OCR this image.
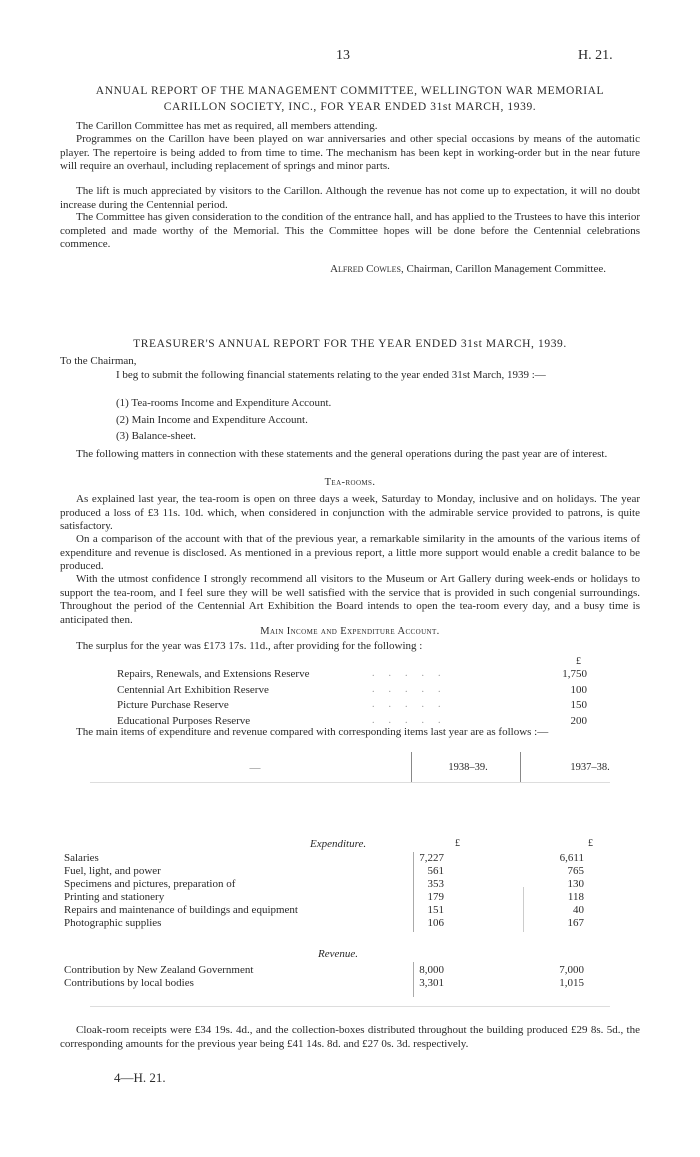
13	H. 21.
ANNUAL REPORT OF THE MANAGEMENT COMMITTEE, WELLINGTON WAR MEMORIAL
CARILLON SOCIETY, INC., FOR YEAR ENDED 31st MARCH, 1939.
The Carillon Committee has met as required, all members attending.
Programmes on the Carillon have been played on war anniversaries and other special occasions by means of the automatic player. The repertoire is being added to from time to time. The mechanism has been kept in working-order but in the near future will require an overhaul, including replacement of springs and minor parts.
The lift is much appreciated by visitors to the Carillon. Although the revenue has not come up to expectation, it will no doubt increase during the Centennial period.
The Committee has given consideration to the condition of the entrance hall, and has applied to the Trustees to have this interior completed and made worthy of the Memorial. This the Committee hopes will be done before the Centennial celebrations commence.
Alfred Cowles, Chairman, Carillon Management Committee.
TREASURER'S ANNUAL REPORT FOR THE YEAR ENDED 31st MARCH, 1939.
To the Chairman,
I beg to submit the following financial statements relating to the year ended 31st March, 1939 :—
(1) Tea-rooms Income and Expenditure Account.
(2) Main Income and Expenditure Account.
(3) Balance-sheet.
The following matters in connection with these statements and the general operations during the past year are of interest.
Tea-rooms.
As explained last year, the tea-room is open on three days a week, Saturday to Monday, inclusive and on holidays. The year produced a loss of £3 11s. 10d. which, when considered in conjunction with the admirable service provided to patrons, is quite satisfactory.
On a comparison of the account with that of the previous year, a remarkable similarity in the amounts of the various items of expenditure and revenue is disclosed. As mentioned in a previous report, a little more support would enable a credit balance to be produced.
With the utmost confidence I strongly recommend all visitors to the Museum or Art Gallery during week-ends or holidays to support the tea-room, and I feel sure they will be well satisfied with the service that is provided in such congenial surroundings. Throughout the period of the Centennial Art Exhibition the Board intends to open the tea-room every day, and a busy time is anticipated then.
Main Income and Expenditure Account.
The surplus for the year was £173 17s. 11d., after providing for the following :
£
Repairs, Renewals, and Extensions Reserve	.....	1,750
Centennial Art Exhibition Reserve	.....	100
Picture Purchase Reserve	.....	150
Educational Purposes Reserve	.....	200
The main items of expenditure and revenue compared with corresponding items last year are as follows :—
—	1938–39.	1937–38.
Expenditure.	£	£
Revenue.
Salaries	7,227	6,611
Fuel, light, and power	561	765
Specimens and pictures, preparation of	353	130
Printing and stationery	179	118
Repairs and maintenance of buildings and equipment	151	40
Photographic supplies	106	167
Contribution by New Zealand Government	8,000	7,000
Contributions by local bodies	3,301	1,015
Cloak-room receipts were £34 19s. 4d., and the collection-boxes distributed throughout the building produced £29 8s. 5d., the corresponding amounts for the previous year being £41 14s. 8d. and £27 0s. 3d. respectively.
4—H. 21.
